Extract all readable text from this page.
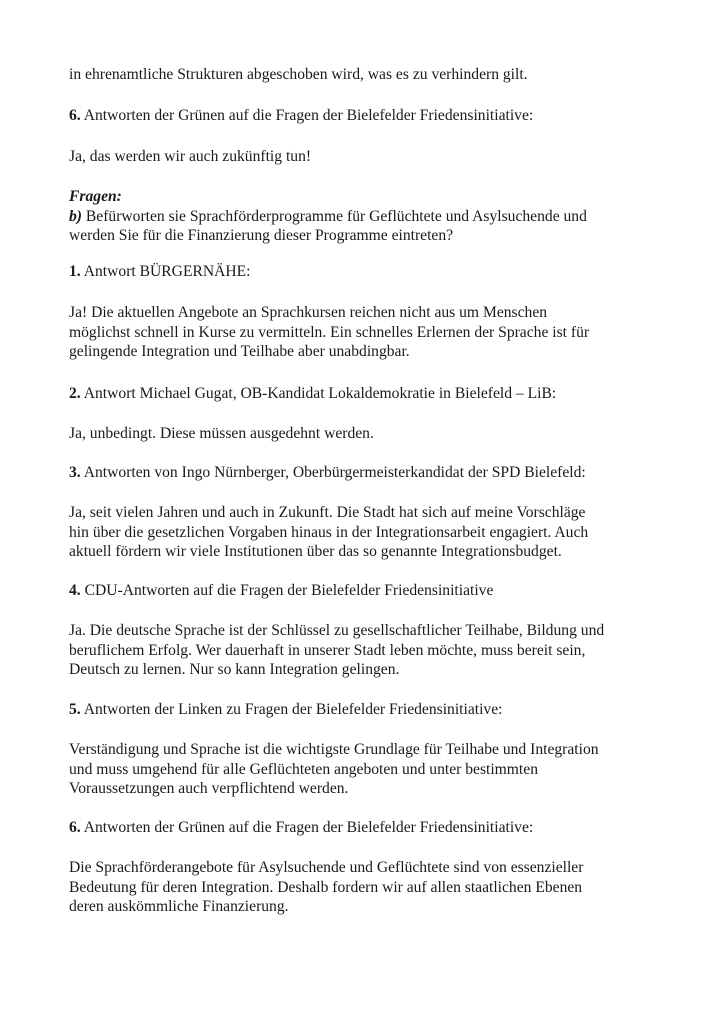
in ehrenamtliche Strukturen abgeschoben wird, was es zu verhindern gilt.

6. Antworten der Grünen auf die Fragen der Bielefelder Friedensinitiative:

Ja, das werden wir auch zukünftig tun!

Fragen:
b) Befürworten sie Sprachförderprogramme für Geflüchtete und Asylsuchende und
werden Sie für die Finanzierung dieser Programme eintreten?

1. Antwort BÜRGERNÄHE:

Ja! Die aktuellen Angebote an Sprachkursen reichen nicht aus um Menschen
möglichst schnell in Kurse zu vermitteln. Ein schnelles Erlernen der Sprache ist für
gelingende Integration und Teilhabe aber unabdingbar.

2. Antwort Michael Gugat, OB-Kandidat Lokaldemokratie in Bielefeld – LiB:

Ja, unbedingt. Diese müssen ausgedehnt werden.

3. Antworten von Ingo Nürnberger, Oberbürgermeisterkandidat der SPD Bielefeld:

Ja, seit vielen Jahren und auch in Zukunft. Die Stadt hat sich auf meine Vorschläge
hin über die gesetzlichen Vorgaben hinaus in der Integrationsarbeit engagiert. Auch
aktuell fördern wir viele Institutionen über das so genannte Integrationsbudget.

4. CDU-Antworten auf die Fragen der Bielefelder Friedensinitiative

Ja. Die deutsche Sprache ist der Schlüssel zu gesellschaftlicher Teilhabe, Bildung und
beruflichem Erfolg. Wer dauerhaft in unserer Stadt leben möchte, muss bereit sein,
Deutsch zu lernen. Nur so kann Integration gelingen.

5. Antworten der Linken zu Fragen der Bielefelder Friedensinitiative:

Verständigung und Sprache ist die wichtigste Grundlage für Teilhabe und Integration
und muss umgehend für alle Geflüchteten angeboten und unter bestimmten
Voraussetzungen auch verpflichtend werden.

6. Antworten der Grünen auf die Fragen der Bielefelder Friedensinitiative:

Die Sprachförderangebote für Asylsuchende und Geflüchtete sind von essenzieller
Bedeutung für deren Integration. Deshalb fordern wir auf allen staatlichen Ebenen
deren auskömmliche Finanzierung.
